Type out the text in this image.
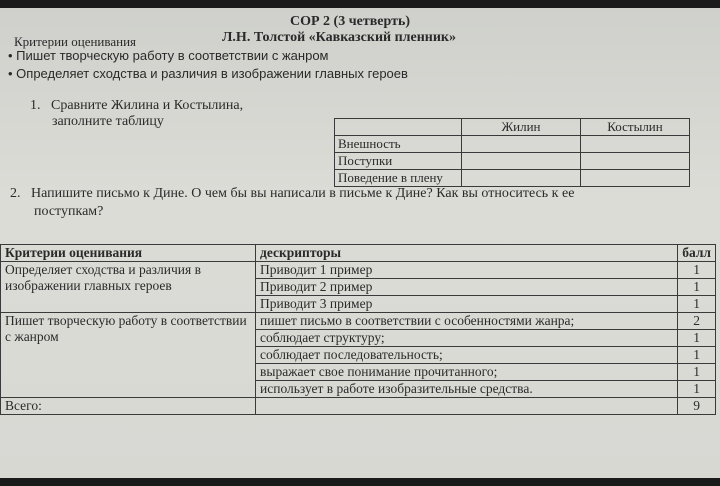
СОР 2 (3 четверть)
Л.Н. Толстой «Кавказский пленник»
Критерии оценивания
• Пишет творческую работу в соответствии с жанром
• Определяет сходства и различия в изображении главных героев
1. Сравните Жилина и Костылина,
заполните таблицу
		Жилин	Костылин
Внешность		
Поступки		
Поведение в плену		
2. Напишите письмо к Дине. О чем бы вы написали в письме к Дине? Как вы относитесь к ее
поступкам?
Критерии оценивания	дескрипторы	балл
Определяет сходства и различия в изображении главных героев	Приводит 1 пример	1
	Приводит 2 пример	1
	Приводит 3 пример	1
Пишет творческую работу в соответствии с жанром	пишет письмо в соответствии с особенностями жанра;	2
	соблюдает структуру;	1
	соблюдает последовательность;	1
	выражает свое понимание прочитанного;	1
	использует в работе изобразительные средства.	1
Всего:		9
